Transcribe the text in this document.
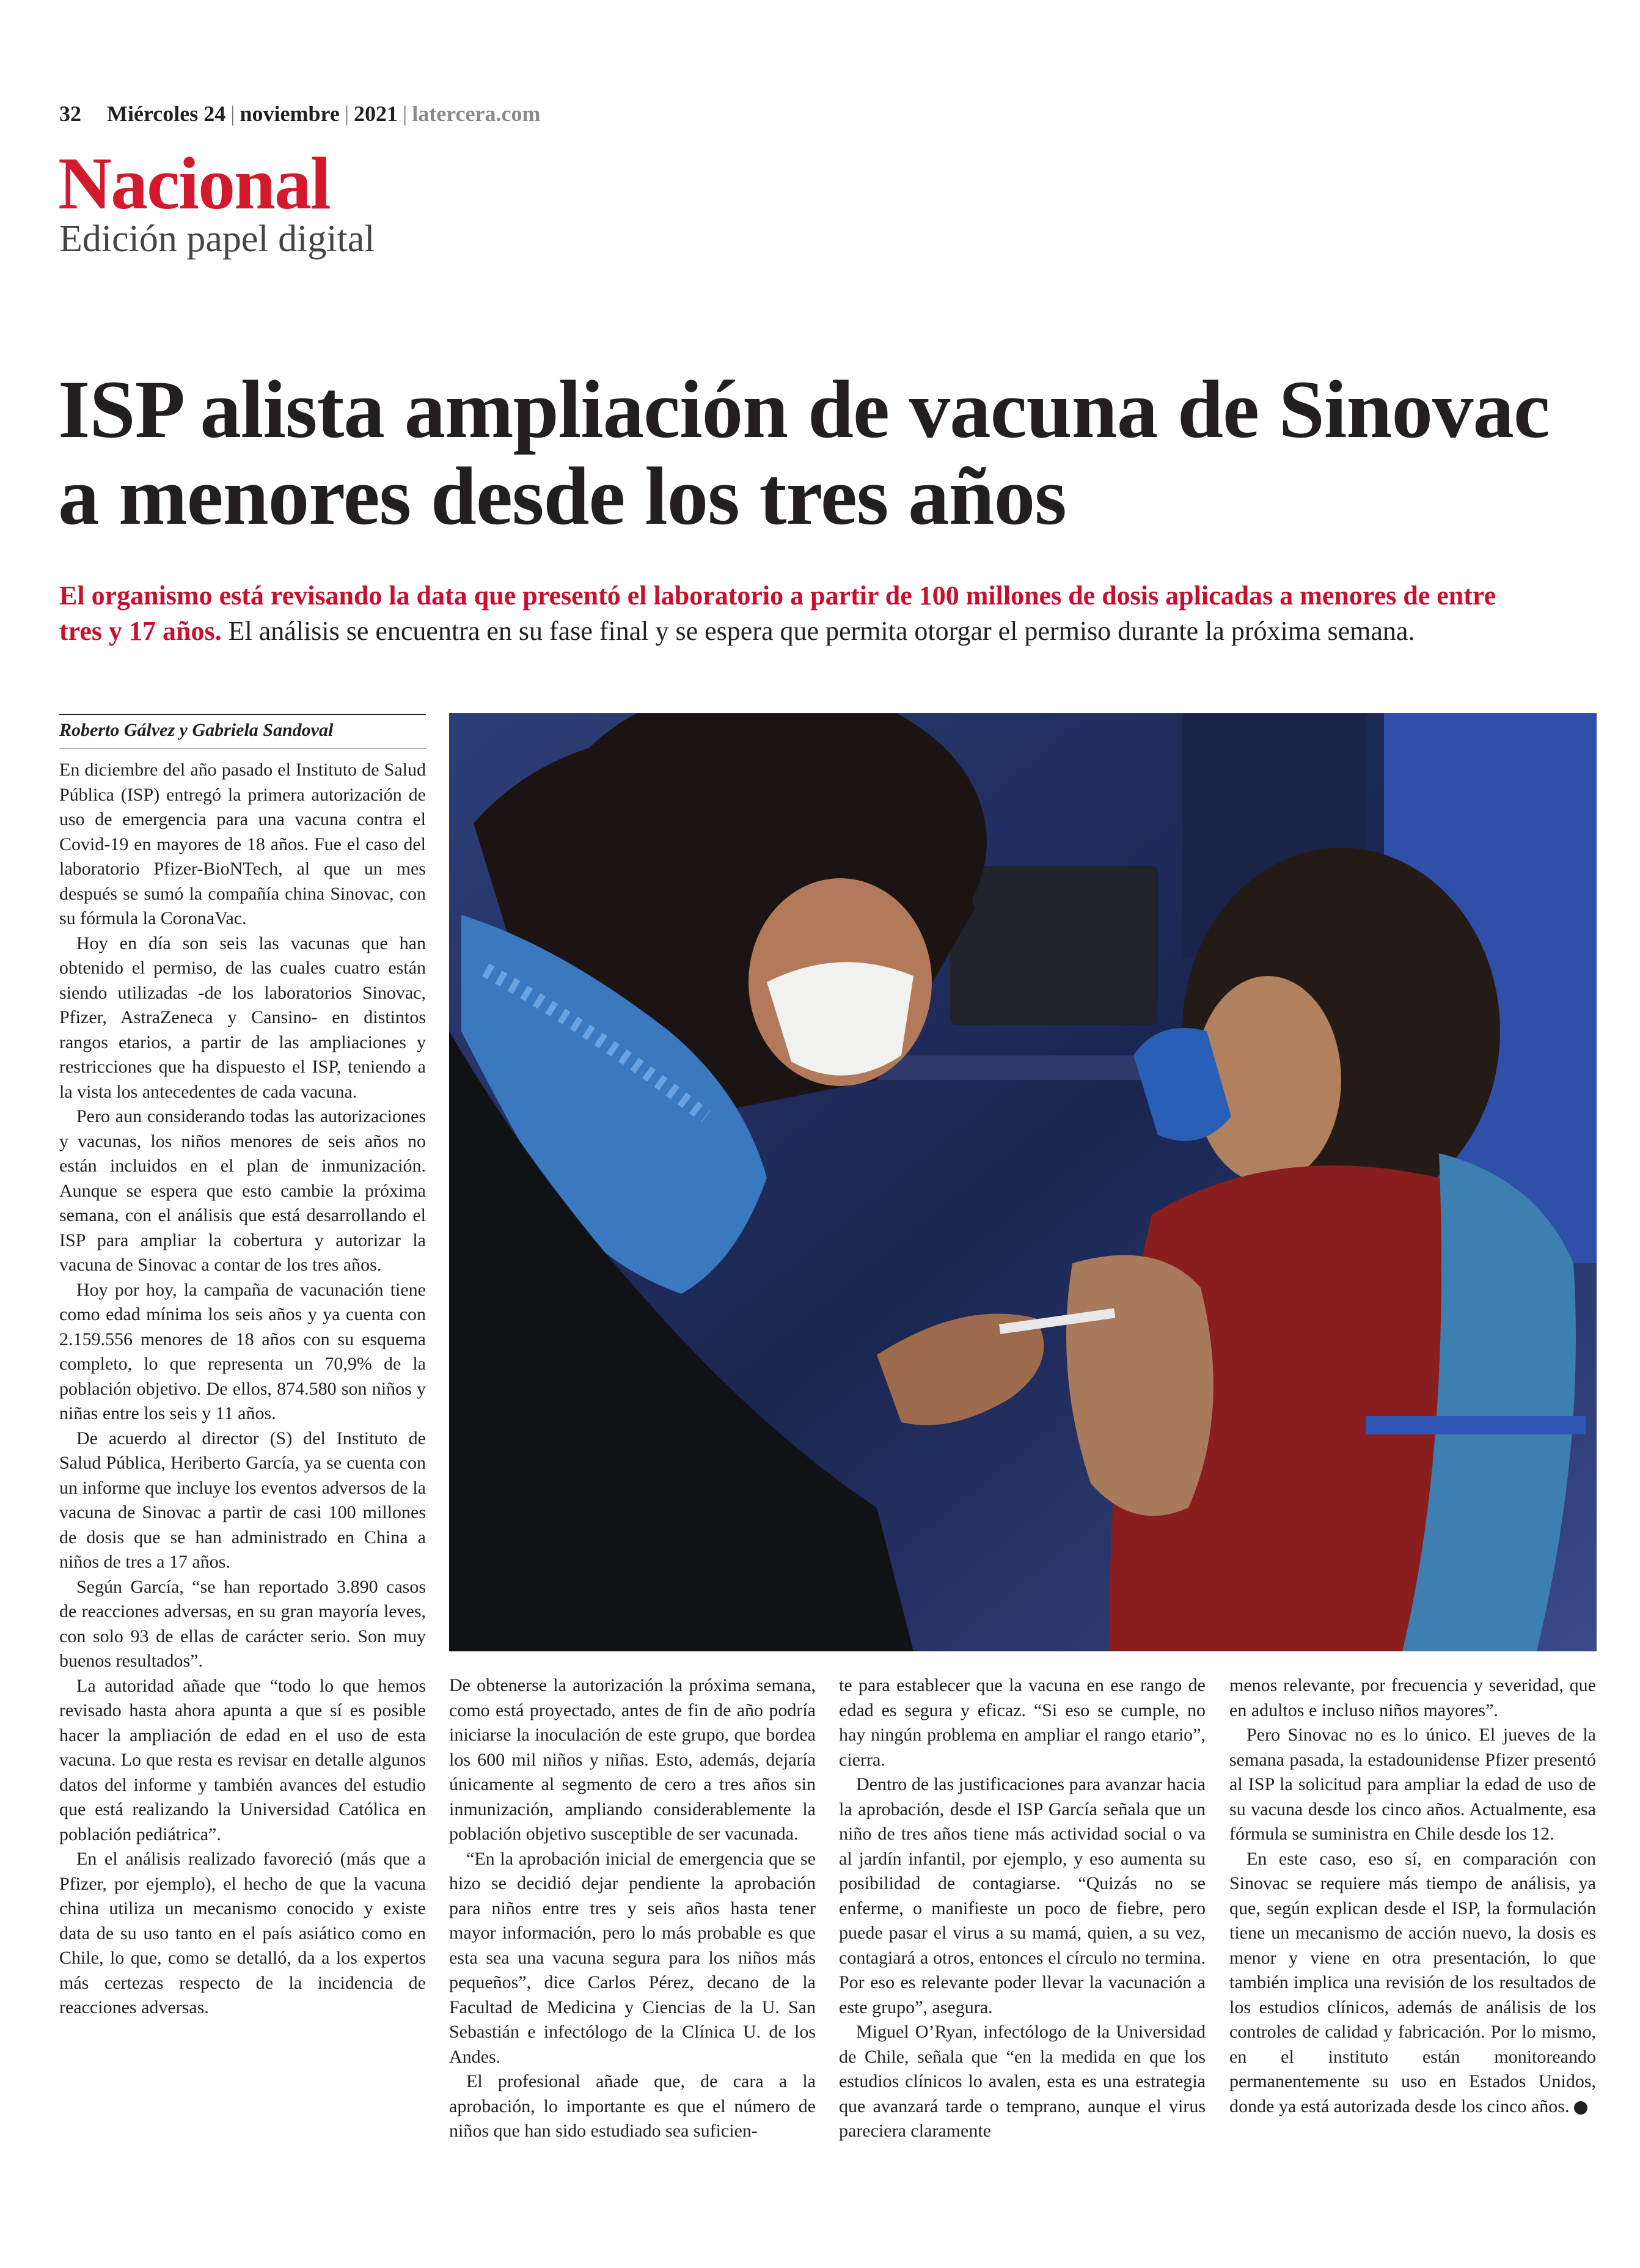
32 Miércoles 24 | noviembre | 2021 | latercera.com
Nacional
Edición papel digital
ISP alista ampliación de vacuna de Sinovac a menores desde los tres años

El organismo está revisando la data que presentó el laboratorio a partir de 100 millones de dosis aplicadas a menores de entre tres y 17 años. El análisis se encuentra en su fase final y se espera que permita otorgar el permiso durante la próxima semana.

Roberto Gálvez y Gabriela Sandoval

En diciembre del año pasado el Instituto de Salud Pública (ISP) entregó la primera autorización de uso de emergencia para una vacuna contra el Covid-19 en mayores de 18 años. Fue el caso del laboratorio Pfizer-BioNTech, al que un mes después se sumó la compañía china Sinovac, con su fórmula la CoronaVac.

Hoy en día son seis las vacunas que han obtenido el permiso, de las cuales cuatro están siendo utilizadas -de los laboratorios Sinovac, Pfizer, AstraZeneca y Cansino- en distintos rangos etarios, a partir de las ampliaciones y restricciones que ha dispuesto el ISP, teniendo a la vista los antecedentes de cada vacuna.

Pero aun considerando todas las autorizaciones y vacunas, los niños menores de seis años no están incluidos en el plan de inmunización. Aunque se espera que esto cambie la próxima semana, con el análisis que está desarrollando el ISP para ampliar la cobertura y autorizar la vacuna de Sinovac a contar de los tres años.

Hoy por hoy, la campaña de vacunación tiene como edad mínima los seis años y ya cuenta con 2.159.556 menores de 18 años con su esquema completo, lo que representa un 70,9% de la población objetivo. De ellos, 874.580 son niños y niñas entre los seis y 11 años.

De acuerdo al director (S) del Instituto de Salud Pública, Heriberto García, ya se cuenta con un informe que incluye los eventos adversos de la vacuna de Sinovac a partir de casi 100 millones de dosis que se han administrado en China a niños de tres a 17 años.

Según García, “se han reportado 3.890 casos de reacciones adversas, en su gran mayoría leves, con solo 93 de ellas de carácter serio. Son muy buenos resultados”.

La autoridad añade que “todo lo que hemos revisado hasta ahora apunta a que sí es posible hacer la ampliación de edad en el uso de esta vacuna. Lo que resta es revisar en detalle algunos datos del informe y también avances del estudio que está realizando la Universidad Católica en población pediátrica”.

En el análisis realizado favoreció (más que a Pfizer, por ejemplo), el hecho de que la vacuna china utiliza un mecanismo conocido y existe data de su uso tanto en el país asiático como en Chile, lo que, como se detalló, da a los expertos más certezas respecto de la incidencia de reacciones adversas.

De obtenerse la autorización la próxima semana, como está proyectado, antes de fin de año podría iniciarse la inoculación de este grupo, que bordea los 600 mil niños y niñas. Esto, además, dejaría únicamente al segmento de cero a tres años sin inmunización, ampliando considerablemente la población objetivo susceptible de ser vacunada.

“En la aprobación inicial de emergencia que se hizo se decidió dejar pendiente la aprobación para niños entre tres y seis años hasta tener mayor información, pero lo más probable es que esta sea una vacuna segura para los niños más pequeños”, dice Carlos Pérez, decano de la Facultad de Medicina y Ciencias de la U. San Sebastián e infectólogo de la Clínica U. de los Andes.

El profesional añade que, de cara a la aprobación, lo importante es que el número de niños que han sido estudiado sea suficien-

te para establecer que la vacuna en ese rango de edad es segura y eficaz. “Si eso se cumple, no hay ningún problema en ampliar el rango etario”, cierra.

Dentro de las justificaciones para avanzar hacia la aprobación, desde el ISP García señala que un niño de tres años tiene más actividad social o va al jardín infantil, por ejemplo, y eso aumenta su posibilidad de contagiarse. “Quizás no se enferme, o manifieste un poco de fiebre, pero puede pasar el virus a su mamá, quien, a su vez, contagiará a otros, entonces el círculo no termina. Por eso es relevante poder llevar la vacunación a este grupo”, asegura.

Miguel O’Ryan, infectólogo de la Universidad de Chile, señala que “en la medida en que los estudios clínicos lo avalen, esta es una estrategia que avanzará tarde o temprano, aunque el virus pareciera claramente

menos relevante, por frecuencia y severidad, que en adultos e incluso niños mayores”.

Pero Sinovac no es lo único. El jueves de la semana pasada, la estadounidense Pfizer presentó al ISP la solicitud para ampliar la edad de uso de su vacuna desde los cinco años. Actualmente, esa fórmula se suministra en Chile desde los 12.

En este caso, eso sí, en comparación con Sinovac se requiere más tiempo de análisis, ya que, según explican desde el ISP, la formulación tiene un mecanismo de acción nuevo, la dosis es menor y viene en otra presentación, lo que también implica una revisión de los resultados de los estudios clínicos, además de análisis de los controles de calidad y fabricación. Por lo mismo, en el instituto están monitoreando permanentemente su uso en Estados Unidos, donde ya está autorizada desde los cinco años.
